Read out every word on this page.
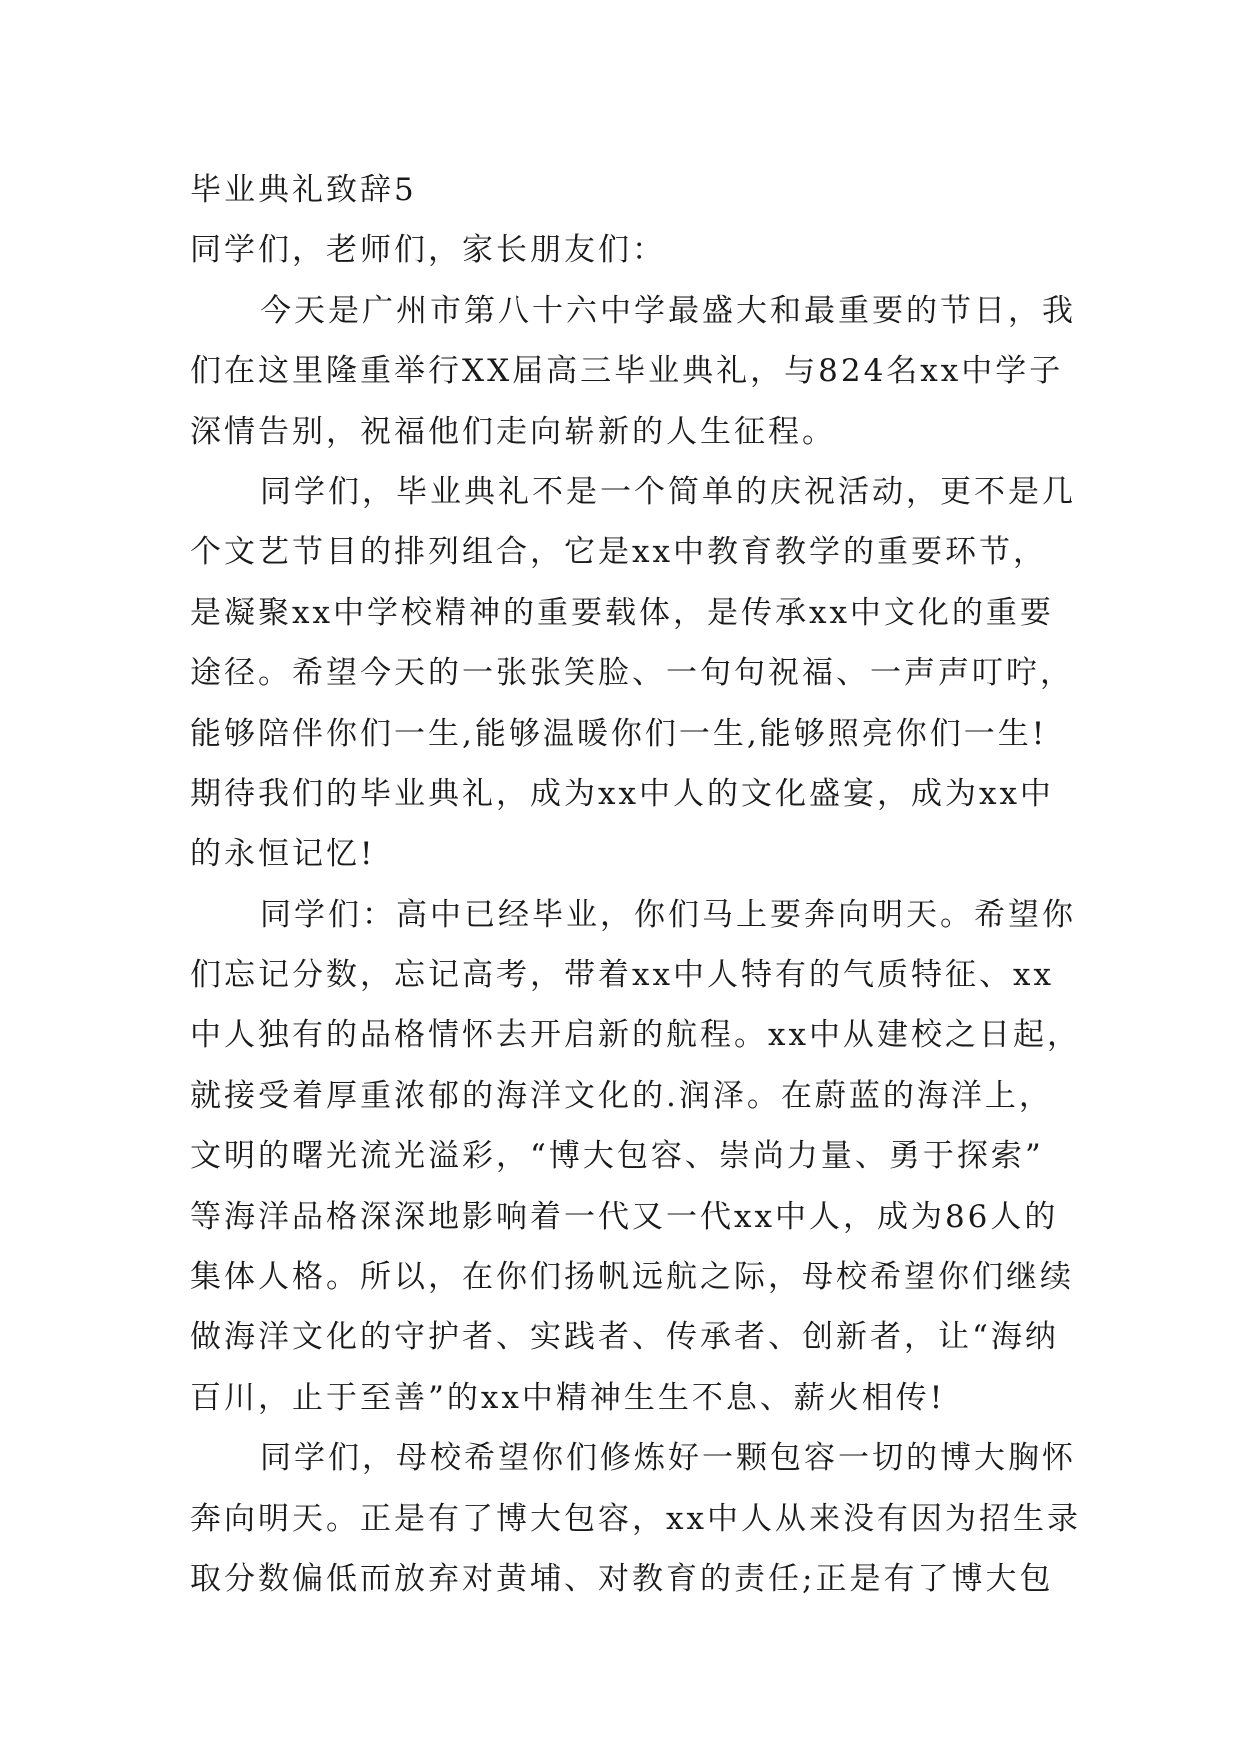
毕业典礼致辞5
同学们，老师们，家长朋友们：
今天是广州市第八十六中学最盛大和最重要的节日，我
们在这里隆重举行XX届高三毕业典礼，与824名xx中学子
深情告别，祝福他们走向崭新的人生征程。
同学们，毕业典礼不是一个简单的庆祝活动，更不是几
个文艺节目的排列组合，它是xx中教育教学的重要环节，
是凝聚xx中学校精神的重要载体，是传承xx中文化的重要
途径。希望今天的一张张笑脸、一句句祝福、一声声叮咛，
能够陪伴你们一生,能够温暖你们一生,能够照亮你们一生!
期待我们的毕业典礼，成为xx中人的文化盛宴，成为xx中
的永恒记忆!
同学们：高中已经毕业，你们马上要奔向明天。希望你
们忘记分数，忘记高考，带着xx中人特有的气质特征、xx
中人独有的品格情怀去开启新的航程。xx中从建校之日起，
就接受着厚重浓郁的海洋文化的.润泽。在蔚蓝的海洋上，
文明的曙光流光溢彩，“博大包容、崇尚力量、勇于探索”
等海洋品格深深地影响着一代又一代xx中人，成为86人的
集体人格。所以，在你们扬帆远航之际，母校希望你们继续
做海洋文化的守护者、实践者、传承者、创新者，让“海纳
百川，止于至善”的xx中精神生生不息、薪火相传!
同学们，母校希望你们修炼好一颗包容一切的博大胸怀
奔向明天。正是有了博大包容，xx中人从来没有因为招生录
取分数偏低而放弃对黄埔、对教育的责任;正是有了博大包
